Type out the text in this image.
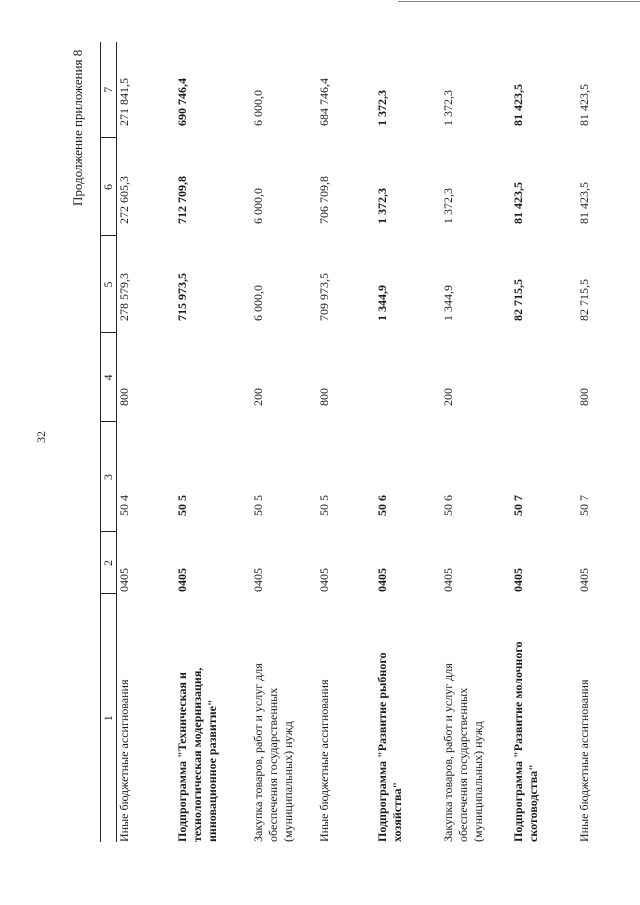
32
Продолжение приложения 8
1	2	3	4	5	6	7
Иные бюджетные ассигнования	0405	50 4	800	278 579,3	272 605,3	271 841,5
Подпрограмма "Техническая и технологическая модернизация, инновационное развитие"	0405	50 5		715 973,5	712 709,8	690 746,4
Закупка товаров, работ и услуг для обеспечения государственных (муниципальных) нужд	0405	50 5	200	6 000,0	6 000,0	6 000,0
Иные бюджетные ассигнования	0405	50 5	800	709 973,5	706 709,8	684 746,4
Подпрограмма "Развитие рыбного хозяйства"	0405	50 6		1 344,9	1 372,3	1 372,3
Закупка товаров, работ и услуг для обеспечения государственных (муниципальных) нужд	0405	50 6	200	1 344,9	1 372,3	1 372,3
Подпрограмма "Развитие молочного скотоводства"	0405	50 7		82 715,5	81 423,5	81 423,5
Иные бюджетные ассигнования	0405	50 7	800	82 715,5	81 423,5	81 423,5
